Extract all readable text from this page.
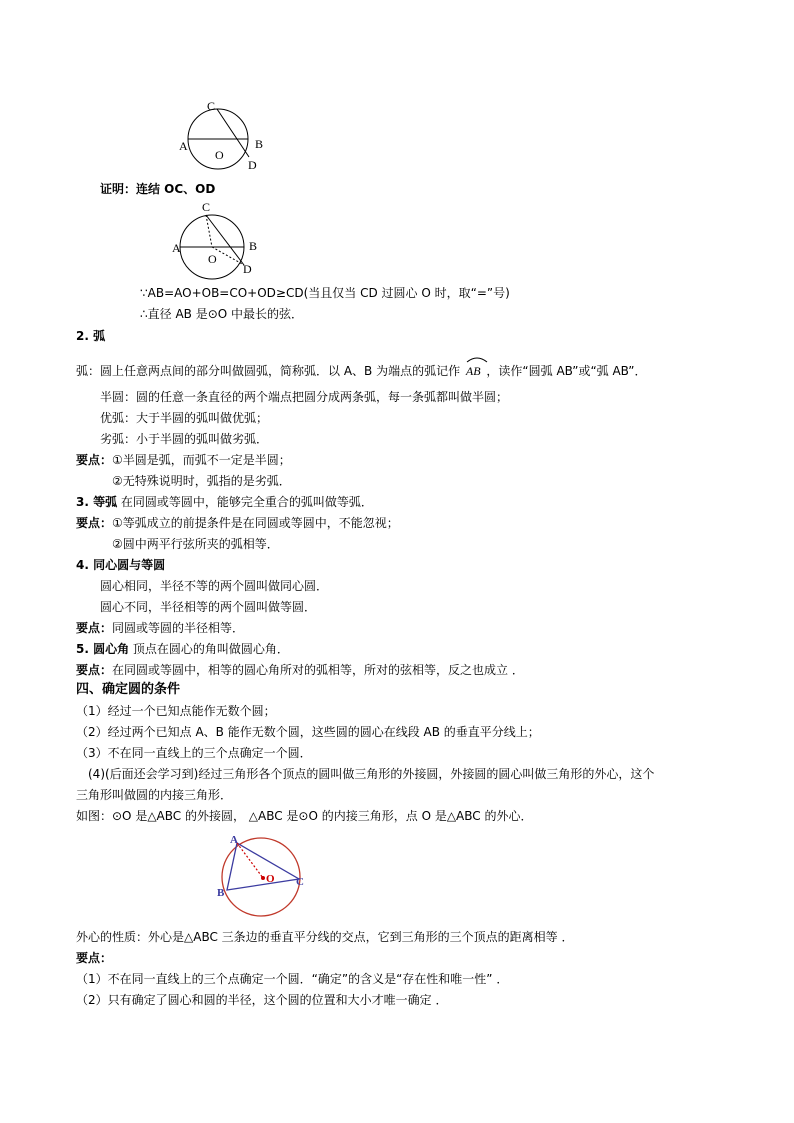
C
A
O
B
D
证明：连结 OC、OD
C
A
O
B
D
∵AB=AO+OB=CO+OD≥CD(当且仅当 CD 过圆心 O 时，取“=”号)
∴直径 AB 是⊙O 中最长的弦．
2. 弧
弧：圆上任意两点间的部分叫做圆弧，简称弧．以 A、B 为端点的弧记作 AB ，读作“圆弧 AB”或“弧 AB”．
半圆：圆的任意一条直径的两个端点把圆分成两条弧，每一条弧都叫做半圆；
优弧：大于半圆的弧叫做优弧；
劣弧：小于半圆的弧叫做劣弧．
要点：①半圆是弧，而弧不一定是半圆；
②无特殊说明时，弧指的是劣弧．
3. 等弧 在同圆或等圆中，能够完全重合的弧叫做等弧．
要点：①等弧成立的前提条件是在同圆或等圆中，不能忽视；
②圆中两平行弦所夹的弧相等．
4. 同心圆与等圆
圆心相同，半径不等的两个圆叫做同心圆．
圆心不同，半径相等的两个圆叫做等圆．
要点：同圆或等圆的半径相等．
5. 圆心角 顶点在圆心的角叫做圆心角．
要点：在同圆或等圆中，相等的圆心角所对的弧相等，所对的弦相等，反之也成立 ．
四、确定圆的条件
（1）经过一个已知点能作无数个圆；
（2）经过两个已知点 A、B 能作无数个圆，这些圆的圆心在线段 AB 的垂直平分线上；
（3）不在同一直线上的三个点确定一个圆．
(4)(后面还会学习到)经过三角形各个顶点的圆叫做三角形的外接圆，外接圆的圆心叫做三角形的外心，这个
三角形叫做圆的内接三角形．
如图：⊙O 是△ABC 的外接圆， △ABC 是⊙O 的内接三角形，点 O 是△ABC 的外心．
A
B
C
O
外心的性质：外心是△ABC 三条边的垂直平分线的交点，它到三角形的三个顶点的距离相等 ．
要点：
（1）不在同一直线上的三个点确定一个圆．“确定”的含义是“存在性和唯一性” ．
（2）只有确定了圆心和圆的半径，这个圆的位置和大小才唯一确定 ．
